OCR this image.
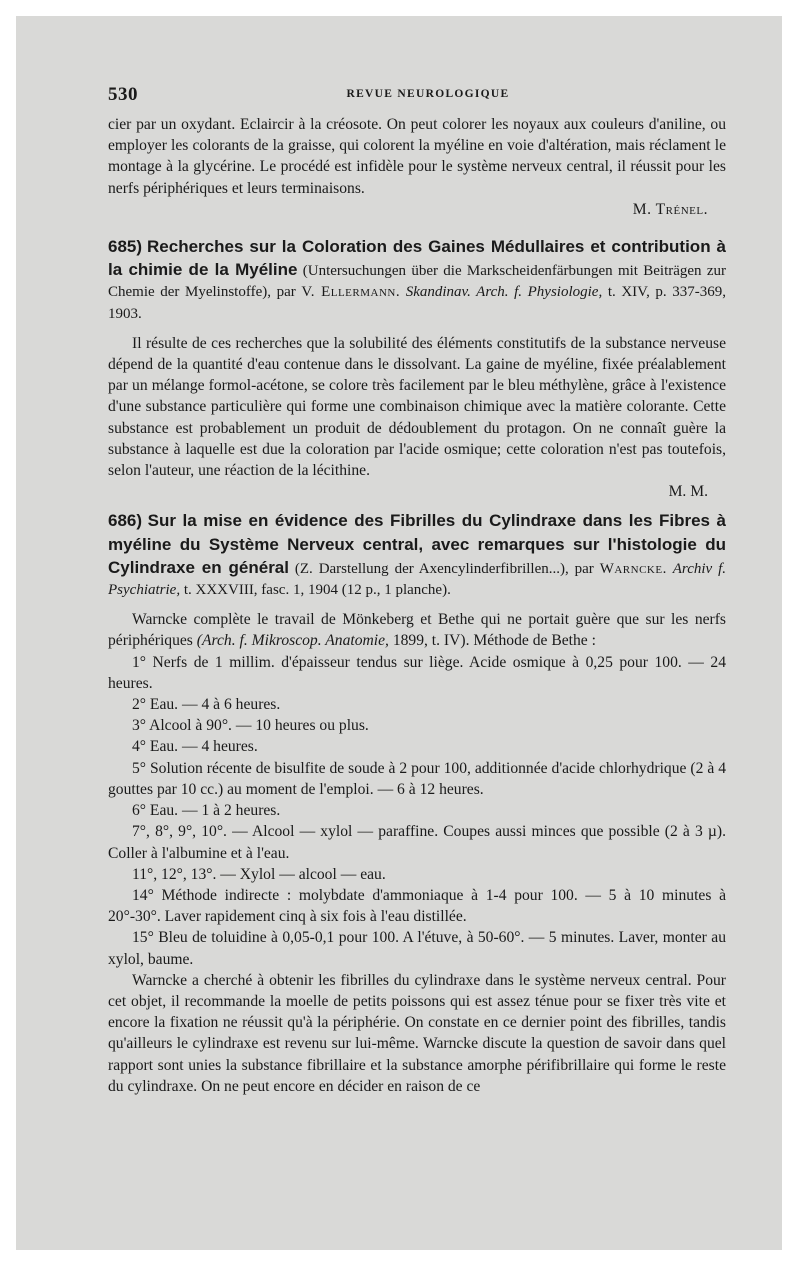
530	REVUE NEUROLOGIQUE

cier par un oxydant. Eclaircir à la créosote. On peut colorer les noyaux aux couleurs d'aniline, ou employer les colorants de la graisse, qui colorent la myéline en voie d'altération, mais réclament le montage à la glycérine. Le procédé est infidèle pour le système nerveux central, il réussit pour les nerfs périphériques et leurs terminaisons.

M. Trénel.

685) Recherches sur la Coloration des Gaines Médullaires et contribution à la chimie de la Myéline (Untersuchungen über die Markscheidenfärbungen mit Beiträgen zur Chemie der Myelinstoffe), par V. Ellermann. Skandinav. Arch. f. Physiologie, t. XIV, p. 337-369, 1903.

Il résulte de ces recherches que la solubilité des éléments constitutifs de la substance nerveuse dépend de la quantité d'eau contenue dans le dissolvant. La gaine de myéline, fixée préalablement par un mélange formol-acétone, se colore très facilement par le bleu méthylène, grâce à l'existence d'une substance particulière qui forme une combinaison chimique avec la matière colorante. Cette substance est probablement un produit de dédoublement du protagon. On ne connaît guère la substance à laquelle est due la coloration par l'acide osmique; cette coloration n'est pas toutefois, selon l'auteur, une réaction de la lécithine.

M. M.

686) Sur la mise en évidence des Fibrilles du Cylindraxe dans les Fibres à myéline du Système Nerveux central, avec remarques sur l'histologie du Cylindraxe en général (Z. Darstellung der Axencylinderfibrillen...), par Warncke. Archiv f. Psychiatrie, t. XXXVIII, fasc. 1, 1904 (12 p., 1 planche).

Warncke complète le travail de Mönkeberg et Bethe qui ne portait guère que sur les nerfs périphériques (Arch. f. Mikroscop. Anatomie, 1899, t. IV). Méthode de Bethe :

1° Nerfs de 1 millim. d'épaisseur tendus sur liège. Acide osmique à 0,25 pour 100. — 24 heures.

2° Eau. — 4 à 6 heures.

3° Alcool à 90°. — 10 heures ou plus.

4° Eau. — 4 heures.

5° Solution récente de bisulfite de soude à 2 pour 100, additionnée d'acide chlorhydrique (2 à 4 gouttes par 10 cc.) au moment de l'emploi. — 6 à 12 heures.

6° Eau. — 1 à 2 heures.

7°, 8°, 9°, 10°. — Alcool — xylol — paraffine. Coupes aussi minces que possible (2 à 3 µ). Coller à l'albumine et à l'eau.

11°, 12°, 13°. — Xylol — alcool — eau.

14° Méthode indirecte : molybdate d'ammoniaque à 1-4 pour 100. — 5 à 10 minutes à 20°-30°. Laver rapidement cinq à six fois à l'eau distillée.

15° Bleu de toluidine à 0,05-0,1 pour 100. A l'étuve, à 50-60°. — 5 minutes. Laver, monter au xylol, baume.

Warncke a cherché à obtenir les fibrilles du cylindraxe dans le système nerveux central. Pour cet objet, il recommande la moelle de petits poissons qui est assez ténue pour se fixer très vite et encore la fixation ne réussit qu'à la périphérie. On constate en ce dernier point des fibrilles, tandis qu'ailleurs le cylindraxe est revenu sur lui-même. Warncke discute la question de savoir dans quel rapport sont unies la substance fibrillaire et la substance amorphe périfibrillaire qui forme le reste du cylindraxe. On ne peut encore en décider en raison de ce
